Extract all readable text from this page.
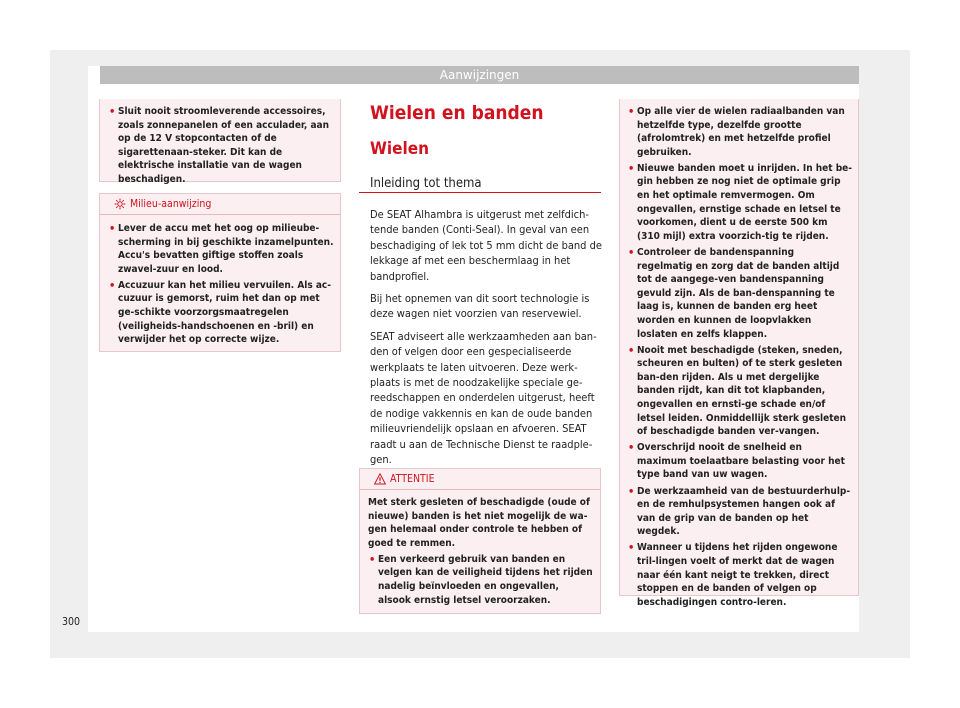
Aanwijzingen
• Sluit nooit stroomleverende accessoires, zoals zonnepanelen of een acculader, aan op de 12 V stopcontacten of de sigarettenaan-steker. Dit kan de elektrische installatie van de wagen beschadigen.
Milieu-aanwijzing
• Lever de accu met het oog op milieube-scherming in bij geschikte inzamelpunten. Accu's bevatten giftige stoffen zoals zwavel-zuur en lood.
• Accuzuur kan het milieu vervuilen. Als ac-cuzuur is gemorst, ruim het dan op met ge-schikte voorzorgsmaatregelen (veiligheids-handschoenen en -bril) en verwijder het op correcte wijze.
Wielen en banden
Wielen
Inleiding tot thema

De SEAT Alhambra is uitgerust met zelfdich-tende banden (Conti-Seal). In geval van een beschadiging of lek tot 5 mm dicht de band de lekkage af met een beschermlaag in het bandprofiel.

Bij het opnemen van dit soort technologie is deze wagen niet voorzien van reservewiel.

SEAT adviseert alle werkzaamheden aan ban-den of velgen door een gespecialiseerde werkplaats te laten uitvoeren. Deze werk-plaats is met de noodzakelijke speciale ge-reedschappen en onderdelen uitgerust, heeft de nodige vakkennis en kan de oude banden milieuvriendelijk opslaan en afvoeren. SEAT raadt u aan de Technische Dienst te raadple-gen.

ATTENTIE

Met sterk gesleten of beschadigde (oude of nieuwe) banden is het niet mogelijk de wa-gen helemaal onder controle te hebben of goed te remmen.

• Een verkeerd gebruik van banden en velgen kan de veiligheid tijdens het rijden nadelig beïnvloeden en ongevallen, alsook ernstig letsel veroorzaken.
• Op alle vier de wielen radiaalbanden van hetzelfde type, dezelfde grootte (afrolomtrek) en met hetzelfde profiel gebruiken.
• Nieuwe banden moet u inrijden. In het be-gin hebben ze nog niet de optimale grip en het optimale remvermogen. Om ongevallen, ernstige schade en letsel te voorkomen, dient u de eerste 500 km (310 mijl) extra voorzich-tig te rijden.
• Controleer de bandenspanning regelmatig en zorg dat de banden altijd tot de aangege-ven bandenspanning gevuld zijn. Als de ban-denspanning te laag is, kunnen de banden erg heet worden en kunnen de loopvlakken loslaten en zelfs klappen.
• Nooit met beschadigde (steken, sneden, scheuren en bulten) of te sterk gesleten ban-den rijden. Als u met dergelijke banden rijdt, kan dit tot klapbanden, ongevallen en ernsti-ge schade en/of letsel leiden. Onmiddellijk sterk gesleten of beschadigde banden ver-vangen.
• Overschrijd nooit de snelheid en maximum toelaatbare belasting voor het type band van uw wagen.
• De werkzaamheid van de bestuurderhulp-en de remhulpsystemen hangen ook af van de grip van de banden op het wegdek.
• Wanneer u tijdens het rijden ongewone tril-lingen voelt of merkt dat de wagen naar één kant neigt te trekken, direct stoppen en de banden of velgen op beschadigingen contro-leren.
300
